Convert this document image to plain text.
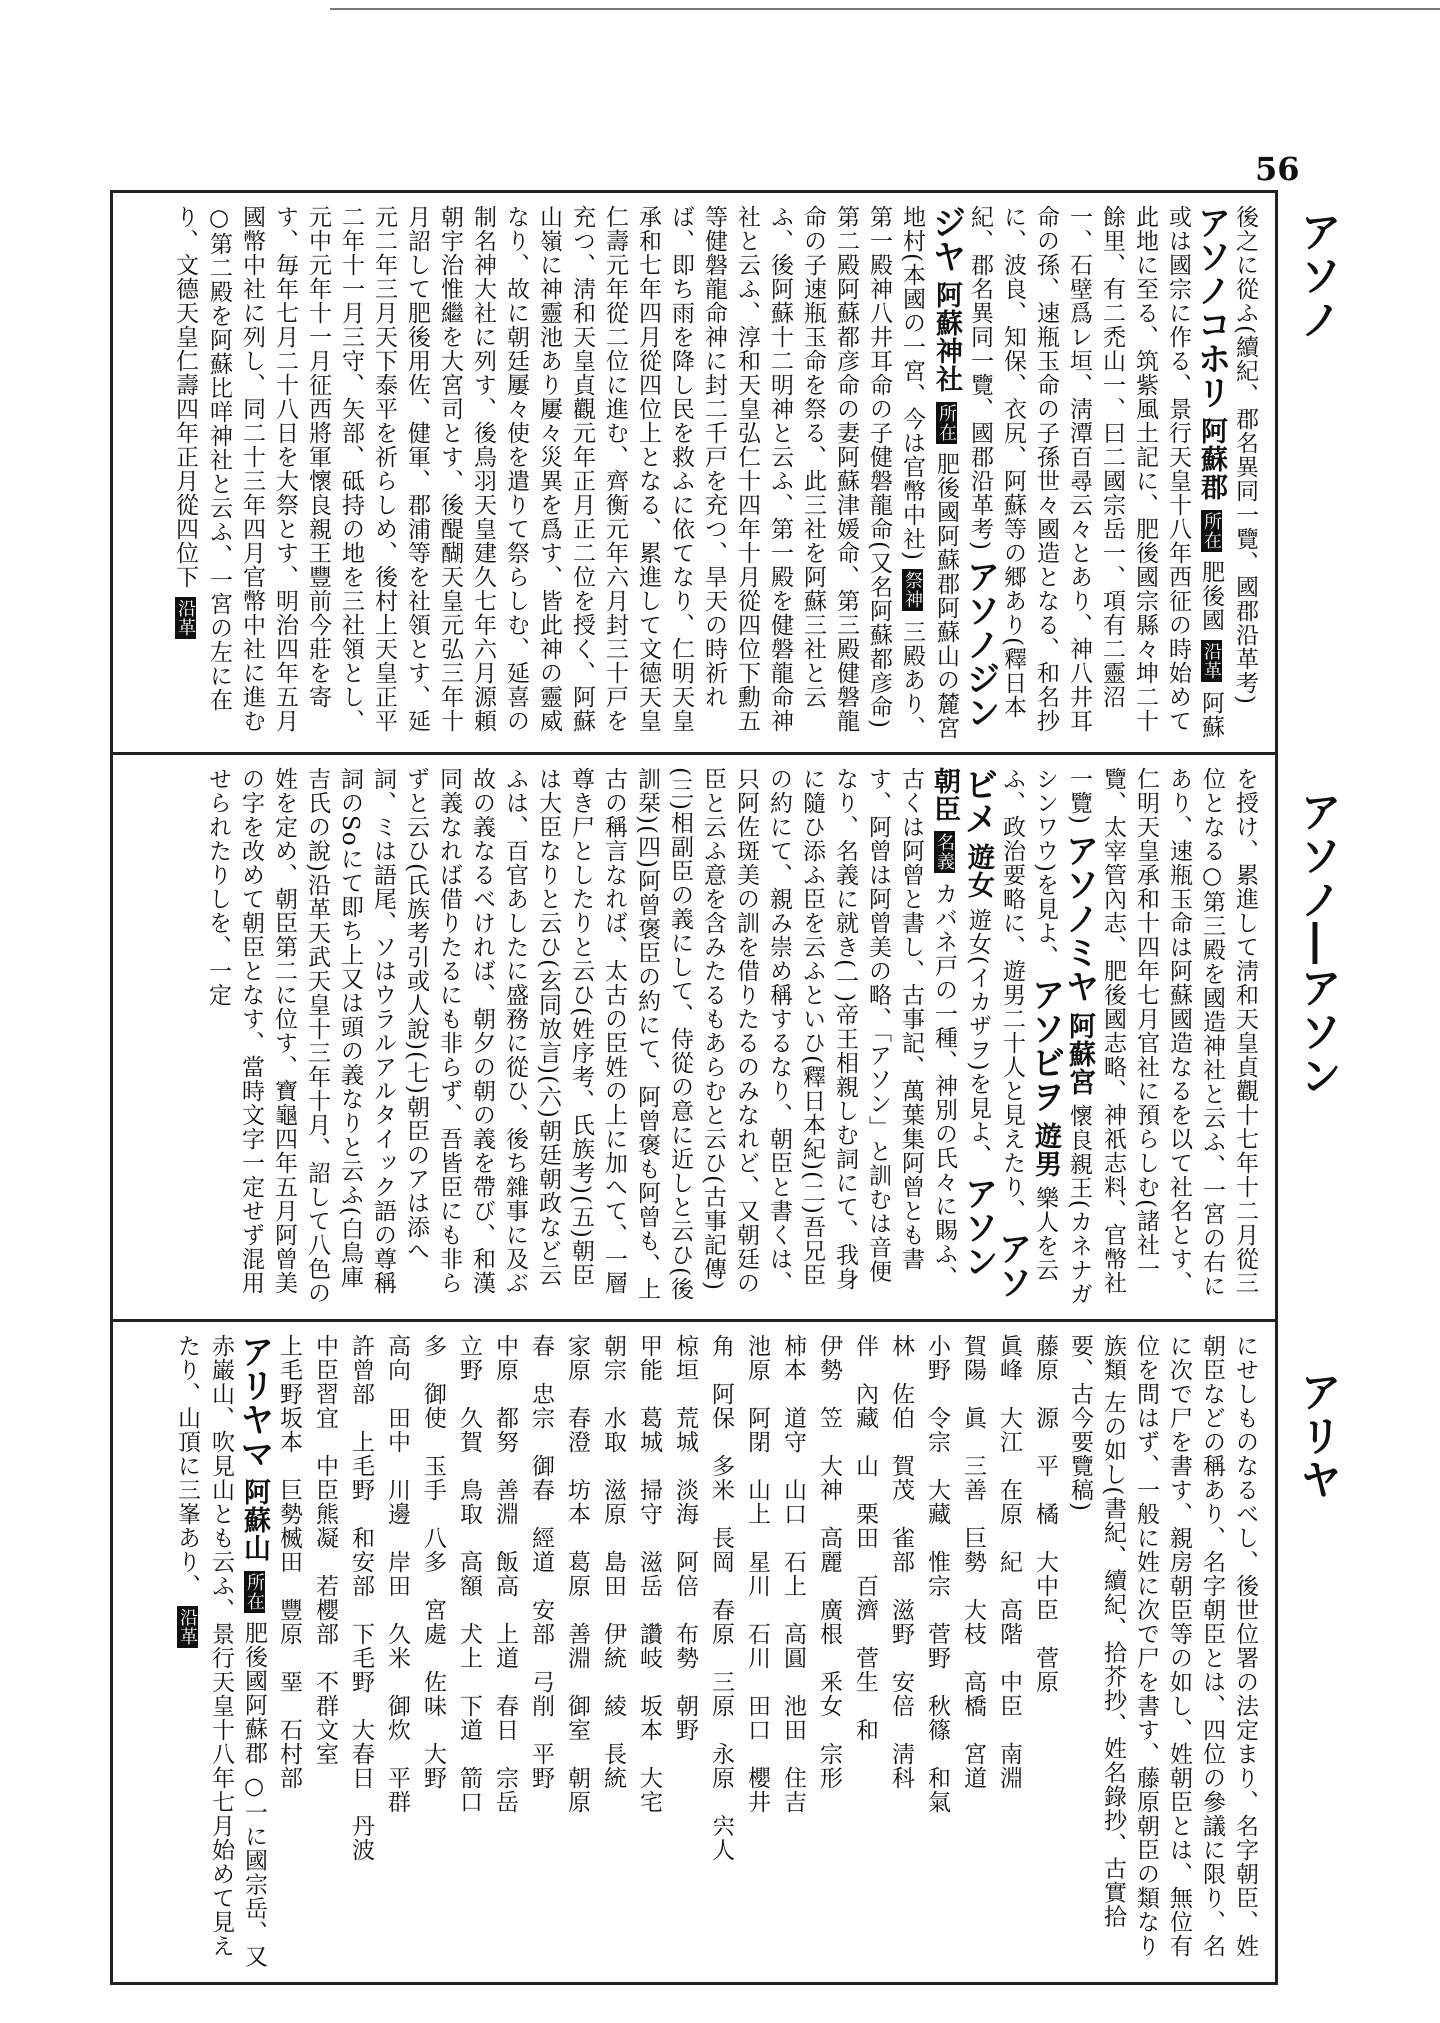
56
アソノ
アソノ―アソン
アリヤ
後之に從ふ(續紀、郡名異同一覽、國郡沿革考) アソノコホリ 阿蘇郡 所在 肥後國 沿革 阿蘇或は國宗に作る、景行天皇十八年西征の時始めて此地に至る、筑紫風土記に、肥後國宗縣々坤二十餘里、有二禿山一、曰二國宗岳一、項有二靈沼一、石壁爲レ垣、淸潭百尋云々とあり、神八井耳命の孫、速瓶玉命の子孫世々國造となる、和名抄に、波良、知保、衣尻、阿蘇等の郷あり(釋日本紀、郡名異同一覽、國郡沿革考) アソノジンジヤ 阿蘇神社 所在 肥後國阿蘇郡阿蘇山の麓宮地村(本國の一宮、今は官幣中社) 祭神 三殿あり、第一殿神八井耳命の子健磐龍命(又名阿蘇都彦命)第二殿阿蘇都彦命の妻阿蘇津媛命、第三殿健磐龍命の子速瓶玉命を祭る、此三社を阿蘇三社と云ふ、後阿蘇十二明神と云ふ、第一殿を健磐龍命神社と云ふ、淳和天皇弘仁十四年十月從四位下勳五等健磐龍命神に封二千戸を充つ、旱天の時祈れば、即ち雨を降し民を救ふに依てなり、仁明天皇承和七年四月從四位上となる、累進して文德天皇仁壽元年從二位に進む、齊衡元年六月封三十戸を充つ、淸和天皇貞觀元年正月正二位を授く、阿蘇山嶺に神靈池あり屢々災異を爲す、皆此神の靈威なり、故に朝廷屢々使を遣りて祭らしむ、延喜の制名神大社に列す、後鳥羽天皇建久七年六月源頼朝宇治惟繼を大宮司とす、後醍醐天皇元弘三年十月詔して肥後用佐、健軍、郡浦等を社領とす、延元二年三月天下泰平を祈らしめ、後村上天皇正平二年十一月三守、矢部、砥持の地を三社領とし、元中元年十一月征西將軍懷良親王豐前今莊を寄す、毎年七月二十八日を大祭とす、明治四年五月國幣中社に列し、同二十三年四月官幣中社に進む○第二殿を阿蘇比咩神社と云ふ、一宮の左に在り、文德天皇仁壽四年正月從四位下 沿革
を授け、累進して淸和天皇貞觀十七年十二月從三位となる○第三殿を國造神社と云ふ、一宮の右にあり、速瓶玉命は阿蘇國造なるを以て社名とす、仁明天皇承和十四年七月官社に預らしむ(諸社一覽、太宰管內志、肥後國志略、神祇志料、官幣社一覽) アソノミヤ 阿蘇宮 懷良親王(カネナガシンワウ)を見よ、 アソビヲ 遊男 樂人を云ふ、政治要略に、遊男二十人と見えたり、 アソビメ 遊女 遊女(イカザヲ)を見よ、 アソン 朝臣 名義 カバネ戸の一種、神別の氏々に賜ふ、古くは阿曾と書し、古事記、萬葉集阿曾とも書す、阿曾は阿曾美の略、「アソン」と訓むは音便なり、名義に就き(一)帝王相親しむ詞にて、我身に隨ひ添ふ臣を云ふといひ(釋日本紀)(二)吾兄臣の約にて、親み崇め稱するなり、朝臣と書くは、只阿佐斑美の訓を借りたるのみなれど、又朝廷の臣と云ふ意を含みたるもあらむと云ひ(古事記傳)(三)相副臣の義にして、侍從の意に近しと云ひ(後訓栞)(四)阿曾褒臣の約にて、阿曾褒も阿曾も、上古の稱言なれば、太古の臣姓の上に加へて、一層尊き尸としたりと云ひ(姓序考、氏族考)(五)朝臣は大臣なりと云ひ(玄同放言)(六)朝廷朝政など云ふは、百官あしたに盛務に從ひ、後ち雜事に及ぶ故の義なるべければ、朝夕の朝の義を帶び、和漢同義なれば借りたるにも非らず、吾皆臣にも非らずと云ひ(氏族考引或人說)(七)朝臣のアは添へ詞、ミは語尾、ソはウラルアルタイック語の尊稱詞のSoにて即ち上又は頭の義なりと云ふ(白鳥庫吉氏の說)沿革天武天皇十三年十月、詔して八色の姓を定め、朝臣第二に位す、寶龜四年五月阿曾美の字を改めて朝臣となす、當時文字一定せず混用せられたりしを、一定
にせしものなるべし、後世位署の法定まり、名字朝臣、姓朝臣などの稱あり、名字朝臣とは、四位の參議に限り、名に次で尸を書す、親房朝臣等の如し、姓朝臣とは、無位有位を問はず、一般に姓に次で尸を書す、藤原朝臣の類なり 族類 左の如し(書紀、續紀、拾芥抄、姓名錄抄、古實拾要、古今要覽稿)
藤原　源　平　橘　大中臣　菅原
眞峰　大江　在原　紀　高階　中臣　南淵
賀陽　眞　三善　巨勢　大枝　高橋　宮道
小野　令宗　大藏　惟宗　菅野　秋篠　和氣
林　佐伯　賀茂　雀部　滋野　安倍　淸科
伴　內藏　山　栗田　百濟　菅生　和
伊勢　笠　大神　高麗　廣根　釆女　宗形
柿本　道守　山口　石上　高圓　池田　住吉
池原　阿閉　山上　星川　石川　田口　櫻井
角　阿保　多米　長岡　春原　三原　永原　宍人
椋垣　荒城　淡海　阿倍　布勢　朝野
甲能　葛城　掃守　滋岳　讚岐　坂本　大宅
朝宗　水取　滋原　島田　伊統　綾　長統
家原　春澄　坊本　葛原　善淵　御室　朝原
春　忠宗　御春　經道　安部　弓削　平野
中原　都努　善淵　飯高　上道　春日　宗岳
立野　久賀　鳥取　高額　犬上　下道　箭口
多　御使　玉手　八多　宮處　佐味　大野
高向　田中　川邊　岸田　久米　御炊　平群
許曾部　上毛野　和安部　下毛野　大春日　丹波
中臣習宜　中臣熊凝　若櫻部　不群文室
上毛野坂本　巨勢楲田　豐原　堊　石村部
アリヤマ 阿蘇山 所在 肥後國阿蘇郡 ○一に國宗岳、又赤巌山、吹見山とも云ふ、景行天皇十八年七月始めて見えたり、山頂に三峯あり、 沿革
